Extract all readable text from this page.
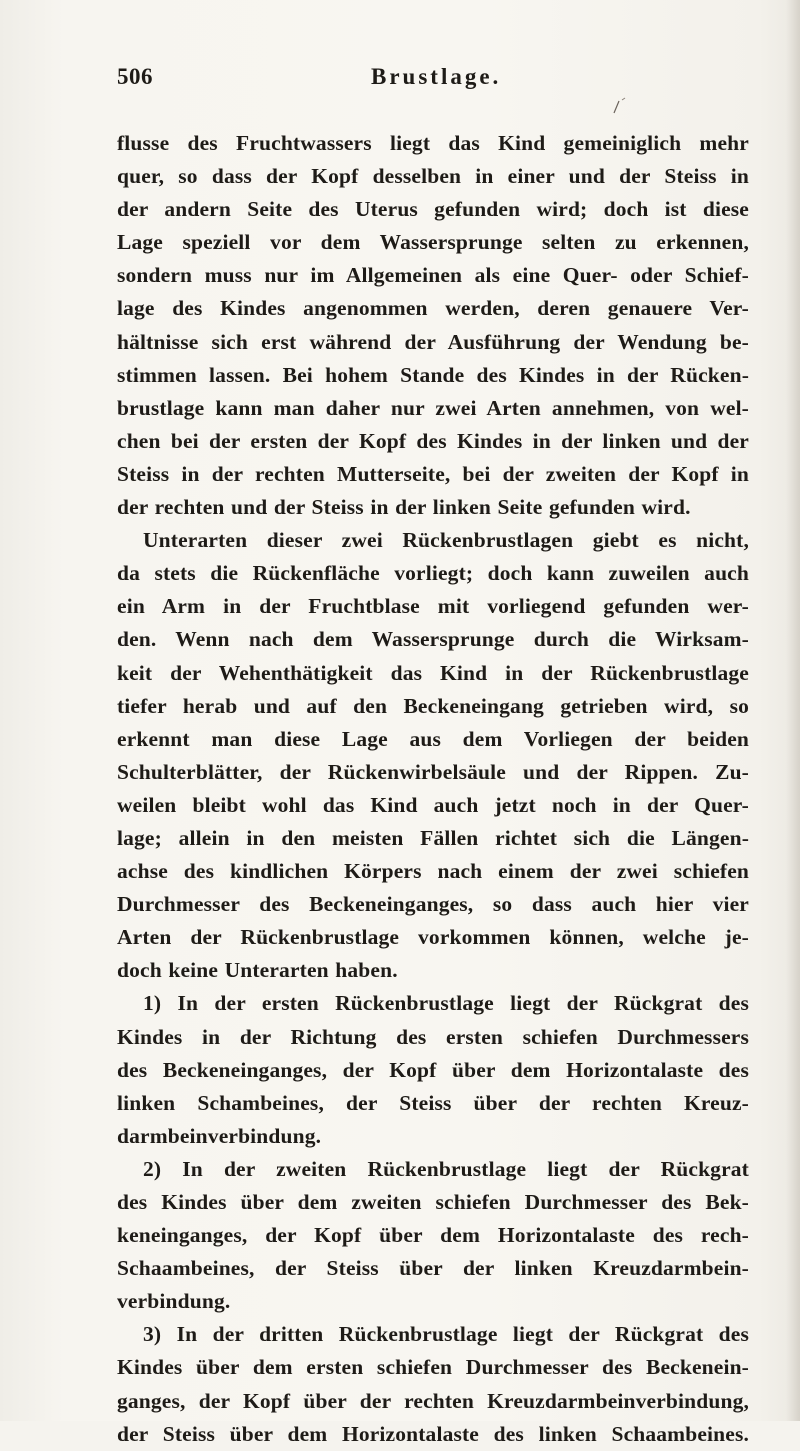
506	Brustlage.
flusse des Fruchtwassers liegt das Kind gemeiniglich mehr
quer, so dass der Kopf desselben in einer und der Steiss in
der andern Seite des Uterus gefunden wird; doch ist diese
Lage speziell vor dem Wassersprunge selten zu erkennen,
sondern muss nur im Allgemeinen als eine Quer- oder Schief-
lage des Kindes angenommen werden, deren genauere Ver-
hältnisse sich erst während der Ausführung der Wendung be-
stimmen lassen. Bei hohem Stande des Kindes in der Rücken-
brustlage kann man daher nur zwei Arten annehmen, von wel-
chen bei der ersten der Kopf des Kindes in der linken und der
Steiss in der rechten Mutterseite, bei der zweiten der Kopf in
der rechten und der Steiss in der linken Seite gefunden wird.
Unterarten dieser zwei Rückenbrustlagen giebt es nicht,
da stets die Rückenfläche vorliegt; doch kann zuweilen auch
ein Arm in der Fruchtblase mit vorliegend gefunden wer-
den. Wenn nach dem Wassersprunge durch die Wirksam-
keit der Wehenthätigkeit das Kind in der Rückenbrustlage
tiefer herab und auf den Beckeneingang getrieben wird, so
erkennt man diese Lage aus dem Vorliegen der beiden
Schulterblätter, der Rückenwirbelsäule und der Rippen. Zu-
weilen bleibt wohl das Kind auch jetzt noch in der Quer-
lage; allein in den meisten Fällen richtet sich die Längen-
achse des kindlichen Körpers nach einem der zwei schiefen
Durchmesser des Beckeneinganges, so dass auch hier vier
Arten der Rückenbrustlage vorkommen können, welche je-
doch keine Unterarten haben.
1) In der ersten Rückenbrustlage liegt der Rückgrat des
Kindes in der Richtung des ersten schiefen Durchmessers
des Beckeneinganges, der Kopf über dem Horizontalaste des
linken Schambeines, der Steiss über der rechten Kreuz-
darmbeinverbindung.
2) In der zweiten Rückenbrustlage liegt der Rückgrat
des Kindes über dem zweiten schiefen Durchmesser des Bek-
keneinganges, der Kopf über dem Horizontalaste des rech-
Schaambeines, der Steiss über der linken Kreuzdarmbein-
verbindung.
3) In der dritten Rückenbrustlage liegt der Rückgrat des
Kindes über dem ersten schiefen Durchmesser des Beckenein-
ganges, der Kopf über der rechten Kreuzdarmbeinverbindung,
der Steiss über dem Horizontalaste des linken Schaambeines.
